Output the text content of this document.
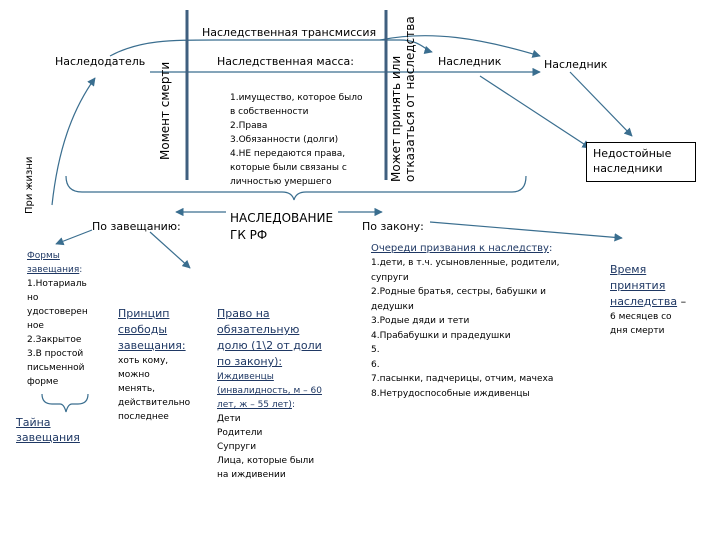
Наследственная трансмиссия
Наследодатель	Наследственная масса:	Наследник	Наследник
Момент смерти	Может принять или отказаться от наследства
При жизни
1.имущество, которое было
в собственности
2.Права
3.Обязанности (долги)
4.НЕ передаются права,
которые были связаны с
личностью умершего
Недостойные
наследники
НАСЛЕДОВАНИЕ
ГК РФ
По завещанию:	По закону:
Формы
завещания:
1.Нотариаль
но
удостоверен
ное
2.Закрытое
3.В простой
письменной
форме
Тайна
завещания
Принцип
свободы
завещания:
хоть кому,
можно
менять,
действительно
последнее
Право на
обязательную
долю (1\2 от доли
по закону):
Иждивенцы
(инвалидность, м – 60
лет, ж – 55 лет):
Дети
Родители
Супруги
Лица, которые были
на иждивении
Очереди призвания к наследству:
1.дети, в т.ч. усыновленные, родители,
супруги
2.Родные братья, сестры, бабушки и
дедушки
3.Родые дяди и тети
4.Прабабушки и прадедушки
5.
6.
7.пасынки, падчерицы, отчим, мачеха
8.Нетрудоспособные иждивенцы
Время
принятия
наследства –
6 месяцев со
дня смерти
